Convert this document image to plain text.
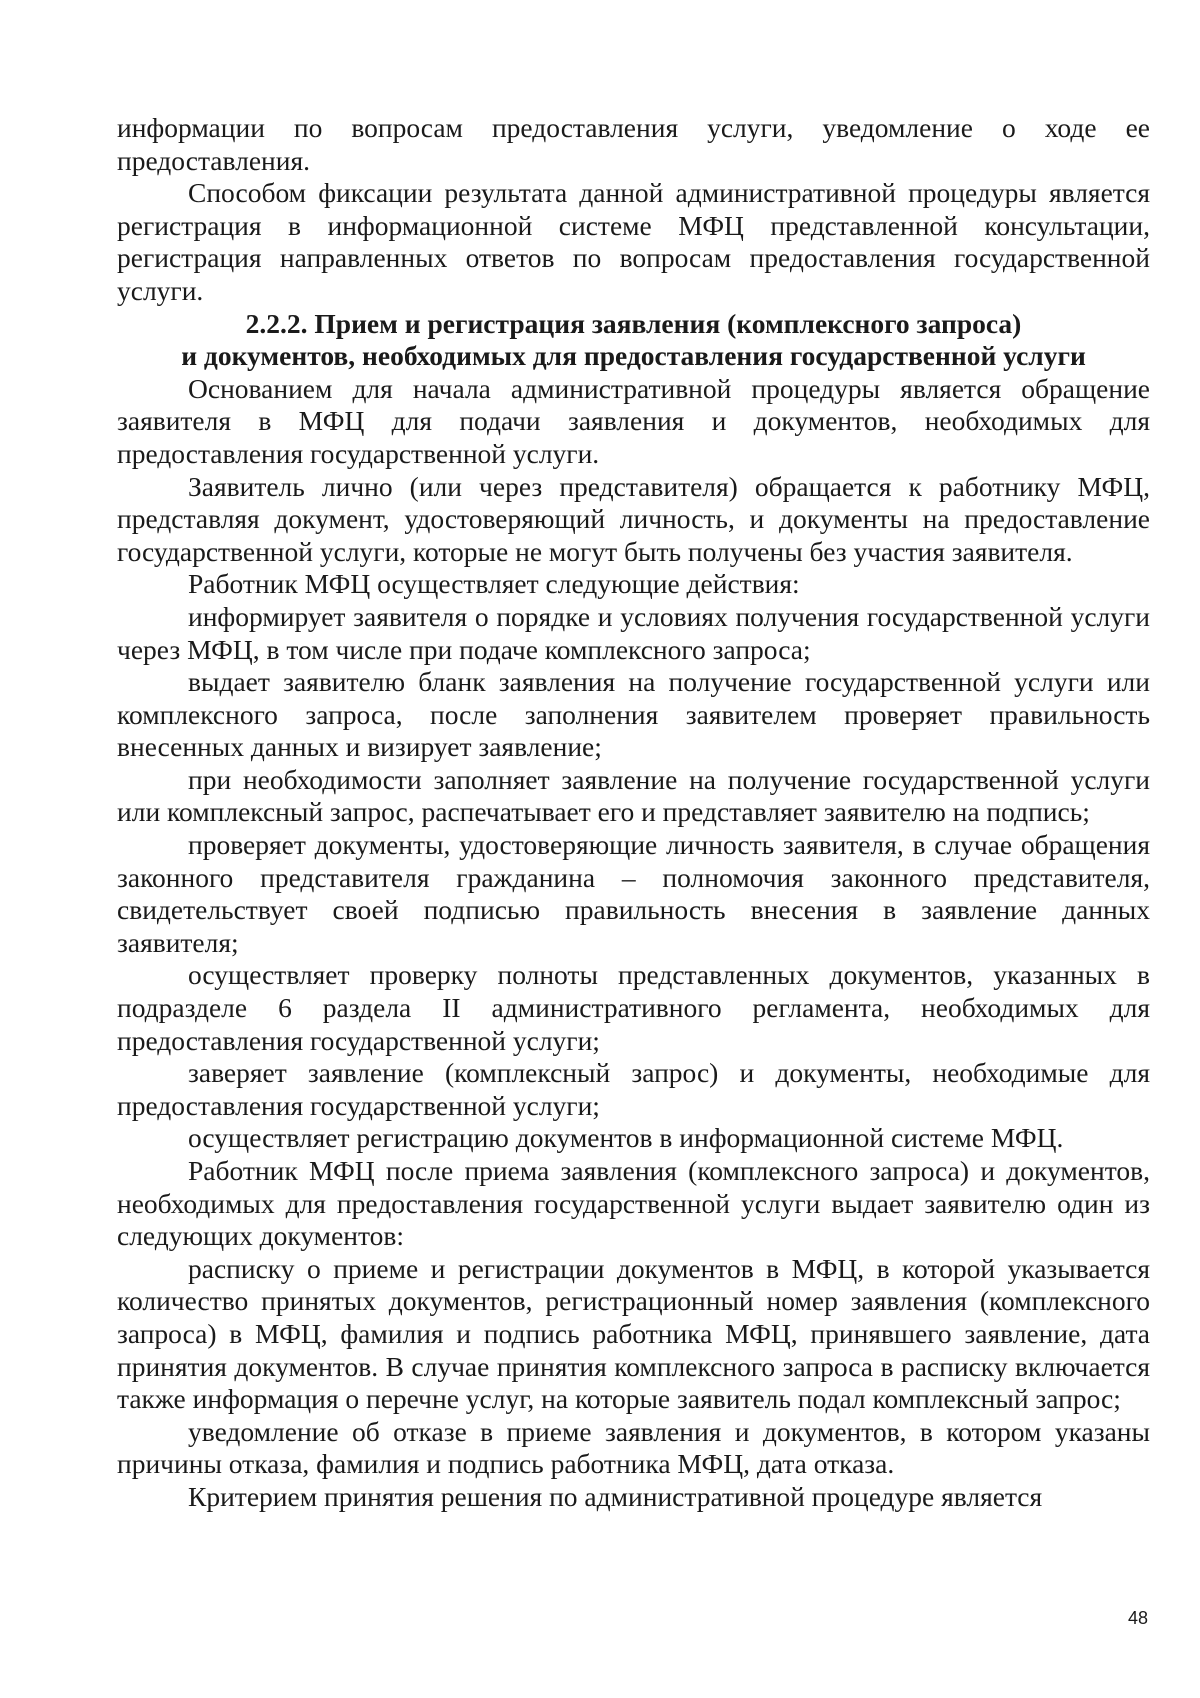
информации по вопросам предоставления услуги, уведомление о ходе ее предоставления.

Способом фиксации результата данной административной процедуры является регистрация в информационной системе МФЦ представленной консультации, регистрация направленных ответов по вопросам предоставления государственной услуги.

2.2.2. Прием и регистрация заявления (комплексного запроса)

и документов, необходимых для предоставления государственной услуги

Основанием для начала административной процедуры является обращение заявителя в МФЦ для подачи заявления и документов, необходимых для предоставления государственной услуги.

Заявитель лично (или через представителя) обращается к работнику МФЦ, представляя документ, удостоверяющий личность, и документы на предоставление государственной услуги, которые не могут быть получены без участия заявителя.

Работник МФЦ осуществляет следующие действия:

информирует заявителя о порядке и условиях получения государственной услуги через МФЦ, в том числе при подаче комплексного запроса;

выдает заявителю бланк заявления на получение государственной услуги или комплексного запроса, после заполнения заявителем проверяет правильность внесенных данных и визирует заявление;

при необходимости заполняет заявление на получение государственной услуги или комплексный запрос, распечатывает его и представляет заявителю на подпись;

проверяет документы, удостоверяющие личность заявителя, в случае обращения законного представителя гражданина – полномочия законного представителя, свидетельствует своей подписью правильность внесения в заявление данных заявителя;

осуществляет проверку полноты представленных документов, указанных в подразделе 6 раздела II административного регламента, необходимых для предоставления государственной услуги;

заверяет заявление (комплексный запрос) и документы, необходимые для предоставления государственной услуги;

осуществляет регистрацию документов в информационной системе МФЦ.

Работник МФЦ после приема заявления (комплексного запроса) и документов, необходимых для предоставления государственной услуги выдает заявителю один из следующих документов:

расписку о приеме и регистрации документов в МФЦ, в которой указывается количество принятых документов, регистрационный номер заявления (комплексного запроса) в МФЦ, фамилия и подпись работника МФЦ, принявшего заявление, дата принятия документов. В случае принятия комплексного запроса в расписку включается также информация о перечне услуг, на которые заявитель подал комплексный запрос;

уведомление об отказе в приеме заявления и документов, в котором указаны причины отказа, фамилия и подпись работника МФЦ, дата отказа.

Критерием принятия решения по административной процедуре является

48
